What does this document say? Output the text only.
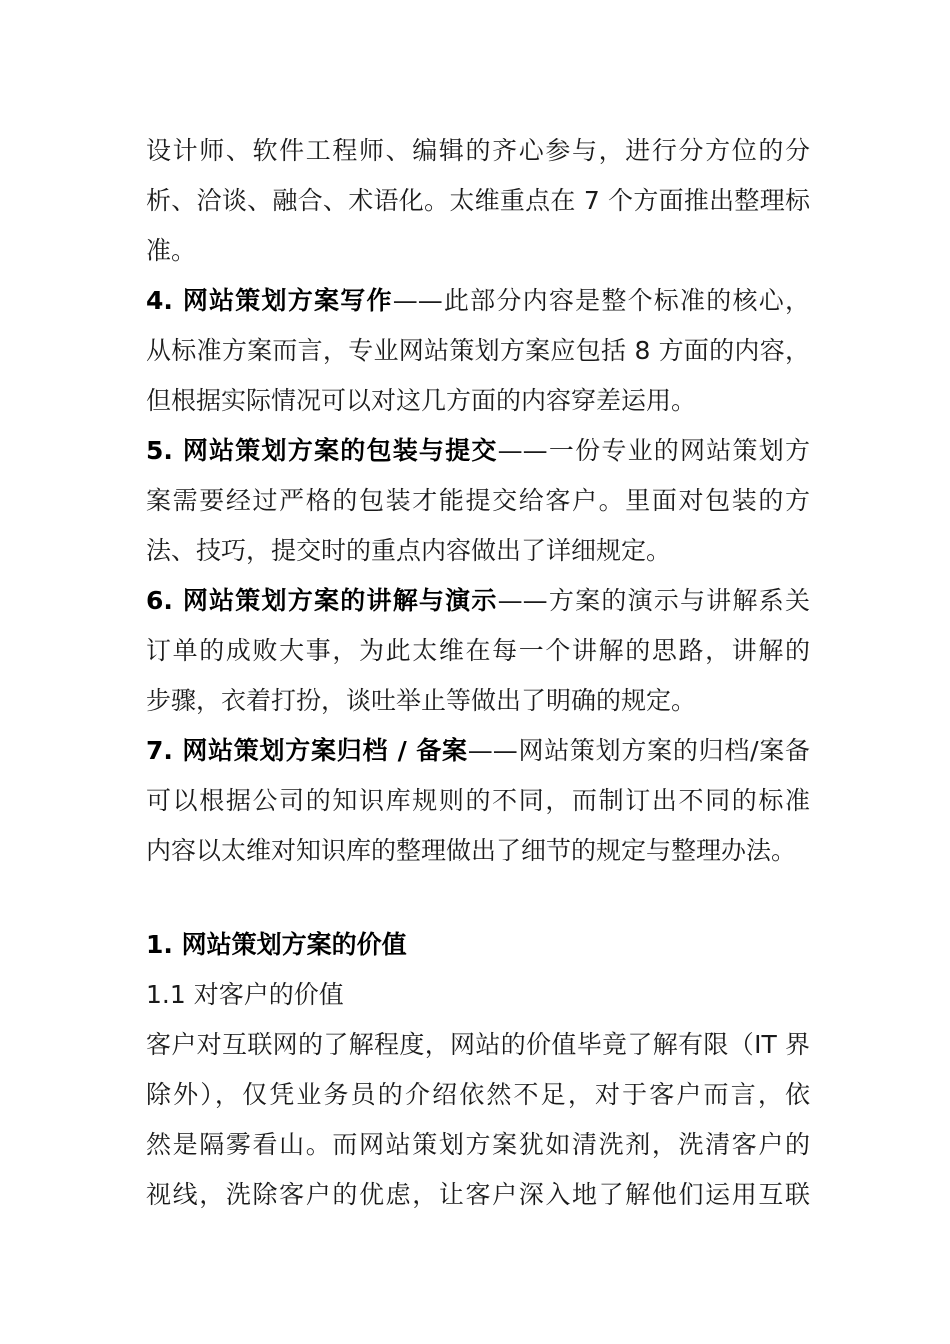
设计师、软件工程师、编辑的齐心参与，进行分方位的分
析、洽谈、融合、术语化。太维重点在 7 个方面推出整理标
准。
4. 网站策划方案写作——此部分内容是整个标准的核心，
从标准方案而言，专业网站策划方案应包括 8 方面的内容，
但根据实际情况可以对这几方面的内容穿差运用。
5. 网站策划方案的包装与提交——一份专业的网站策划方
案需要经过严格的包装才能提交给客户。里面对包装的方
法、技巧，提交时的重点内容做出了详细规定。
6. 网站策划方案的讲解与演示——方案的演示与讲解系关
订单的成败大事，为此太维在每一个讲解的思路，讲解的
步骤，衣着打扮，谈吐举止等做出了明确的规定。
7. 网站策划方案归档 / 备案——网站策划方案的归档/案备
可以根据公司的知识库规则的不同，而制订出不同的标准
内容以太维对知识库的整理做出了细节的规定与整理办法。
1. 网站策划方案的价值
1.1 对客户的价值
客户对互联网的了解程度，网站的价值毕竟了解有限（IT 界
除外），仅凭业务员的介绍依然不足，对于客户而言，依
然是隔雾看山。而网站策划方案犹如清洗剂，洗清客户的
视线，洗除客户的优虑，让客户深入地了解他们运用互联
